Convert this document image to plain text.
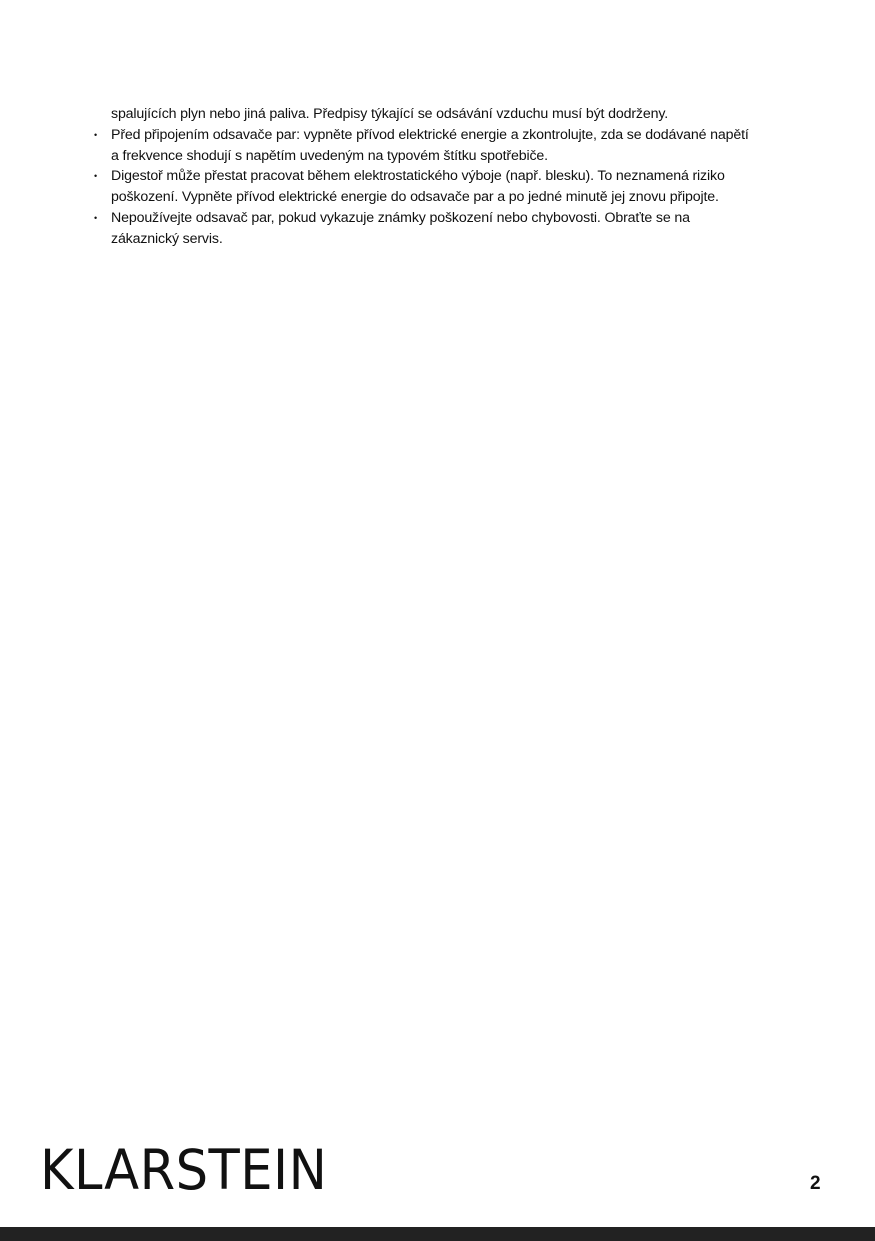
spalujících plyn nebo jiná paliva. Předpisy týkající se odsávání vzduchu musí být dodrženy.

• Před připojením odsavače par: vypněte přívod elektrické energie a zkontrolujte, zda se dodávané napětí
a frekvence shodují s napětím uvedeným na typovém štítku spotřebiče.
• Digestoř může přestat pracovat během elektrostatického výboje (např. blesku). To neznamená riziko
poškození. Vypněte přívod elektrické energie do odsavače par a po jedné minutě jej znovu připojte.
• Nepoužívejte odsavač par, pokud vykazuje známky poškození nebo chybovosti. Obraťte se na
zákaznický servis.
KLARSTEIN	2
